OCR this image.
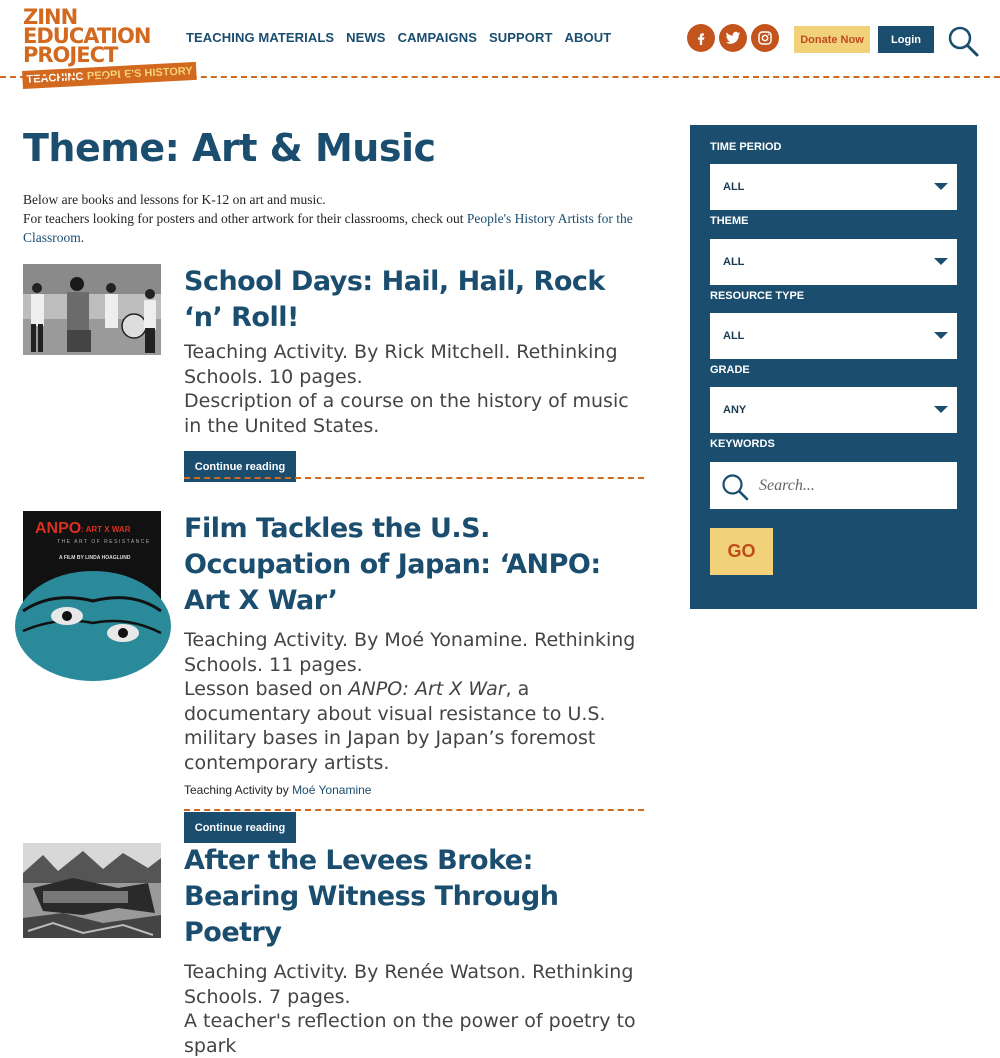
ZINN
EDUCATION
PROJECT
TEACHING PEOPLE'S HISTORY
TEACHING MATERIALS NEWS CAMPAIGNS SUPPORT ABOUT	Donate Now	Login
Theme: Art & Music
Below are books and lessons for K-12 on art and music.
For teachers looking for posters and other artwork for their classrooms, check out People's History Artists for the Classroom.
School Days: Hail, Hail, Rock ‘n’ Roll!
Teaching Activity. By Rick Mitchell. Rethinking Schools. 10 pages.
Description of a course on the history of music in the United States.
Continue reading
ANPO : ART X WAR
THE ART OF RESISTANCE
A FILM BY LINDA HOAGLUND
Film Tackles the U.S. Occupation of Japan: ‘ANPO: Art X War’
Teaching Activity. By Moé Yonamine. Rethinking Schools. 11 pages.
Lesson based on ANPO: Art X War, a documentary about visual resistance to U.S. military bases in Japan by Japan’s foremost contemporary artists.
Teaching Activity by Moé Yonamine
Continue reading
After the Levees Broke: Bearing Witness Through Poetry
Teaching Activity. By Renée Watson. Rethinking Schools. 7 pages.
A teacher's reflection on the power of poetry to spark
TIME PERIOD
ALL
THEME
ALL
RESOURCE TYPE
ALL
GRADE
ANY
KEYWORDS
Search...
GO
